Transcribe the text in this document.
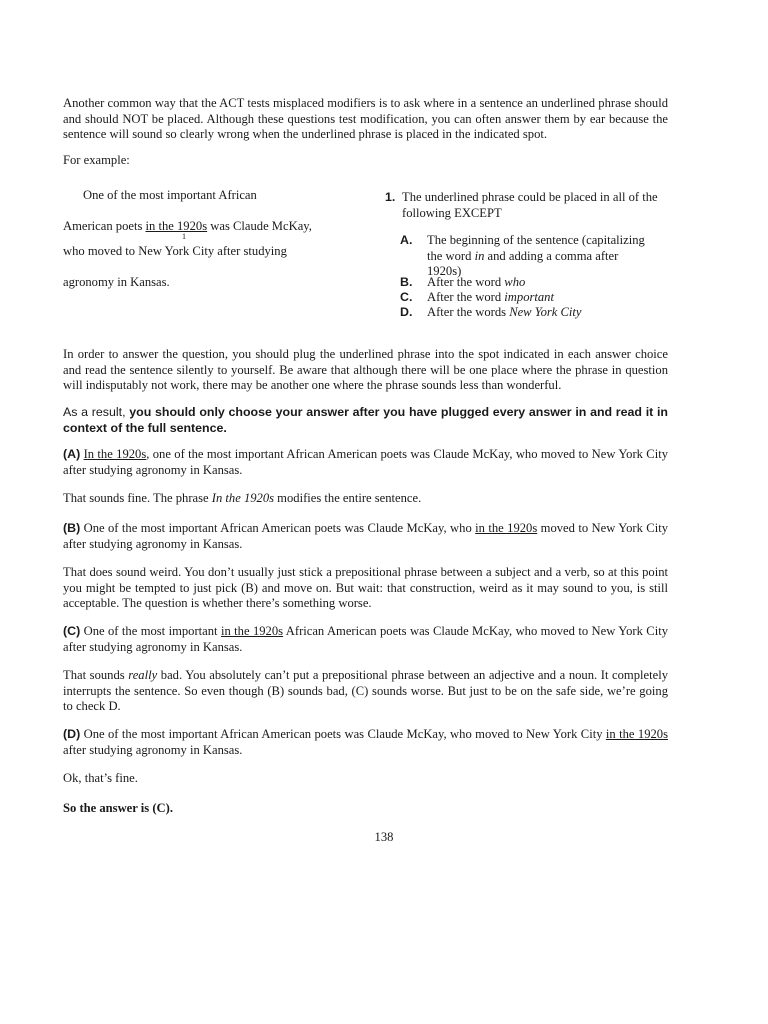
Another common way that the ACT tests misplaced modifiers is to ask where in a sentence an underlined phrase should and should NOT be placed. Although these questions test modification, you can often answer them by ear because the sentence will sound so clearly wrong when the underlined phrase is placed in the indicated spot.

For example:

One of the most important African

American poets in the 1920s was Claude McKay,

1

who moved to New York City after studying

agronomy in Kansas.

1. The underlined phrase could be placed in all of the following EXCEPT

A. The beginning of the sentence (capitalizing the word in and adding a comma after 1920s)

B. After the word who

C. After the word important

D. After the words New York City

In order to answer the question, you should plug the underlined phrase into the spot indicated in each answer choice and read the sentence silently to yourself. Be aware that although there will be one place where the phrase in question will indisputably not work, there may be another one where the phrase sounds less than wonderful.

As a result, you should only choose your answer after you have plugged every answer in and read it in context of the full sentence.

(A) In the 1920s, one of the most important African American poets was Claude McKay, who moved to New York City after studying agronomy in Kansas.

That sounds fine. The phrase In the 1920s modifies the entire sentence.

(B) One of the most important African American poets was Claude McKay, who in the 1920s moved to New York City after studying agronomy in Kansas.

That does sound weird. You don’t usually just stick a prepositional phrase between a subject and a verb, so at this point you might be tempted to just pick (B) and move on. But wait: that construction, weird as it may sound to you, is still acceptable. The question is whether there’s something worse.

(C) One of the most important in the 1920s African American poets was Claude McKay, who moved to New York City after studying agronomy in Kansas.

That sounds really bad. You absolutely can’t put a prepositional phrase between an adjective and a noun. It completely interrupts the sentence. So even though (B) sounds bad, (C) sounds worse. But just to be on the safe side, we’re going to check D.

(D) One of the most important African American poets was Claude McKay, who moved to New York City in the 1920s after studying agronomy in Kansas.

Ok, that’s fine.

So the answer is (C).

138
